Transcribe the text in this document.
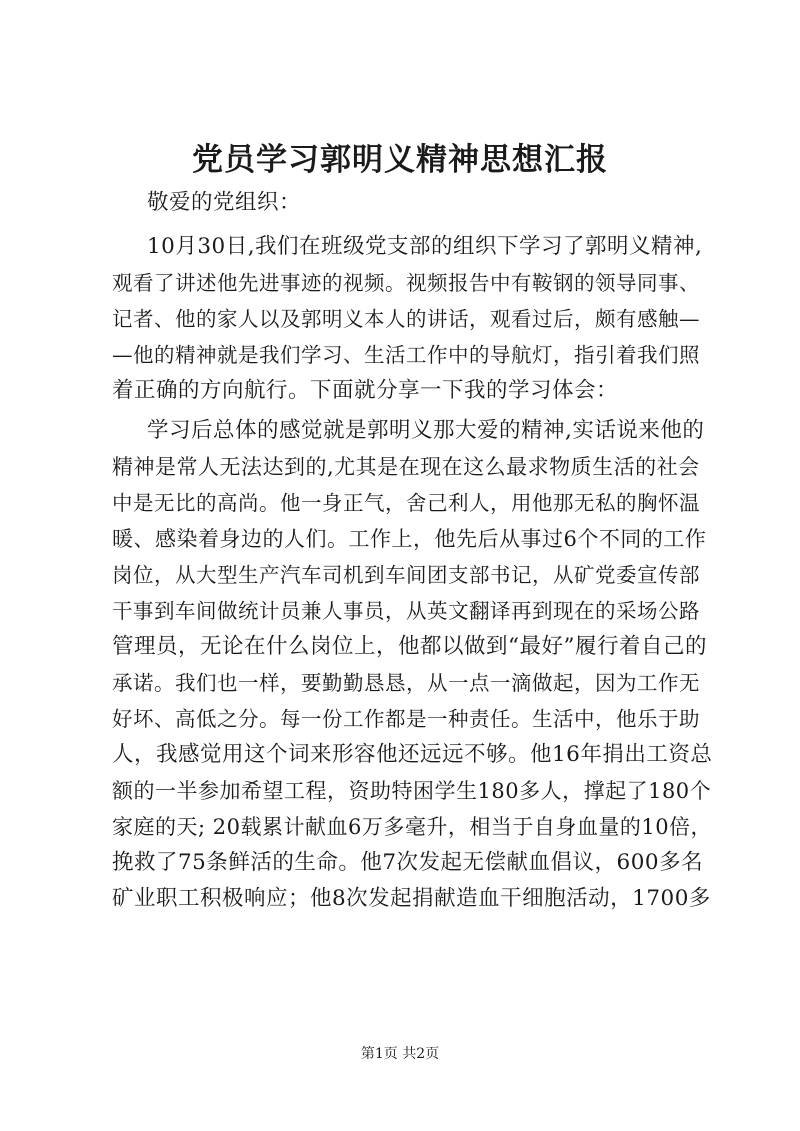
党员学习郭明义精神思想汇报
敬爱的党组织：
10月30日,我们在班级党支部的组织下学习了郭明义精神,
观看了讲述他先进事迹的视频。视频报告中有鞍钢的领导同事、
记者、他的家人以及郭明义本人的讲话，观看过后，颇有感触—
—他的精神就是我们学习、生活工作中的导航灯，指引着我们照
着正确的方向航行。下面就分享一下我的学习体会：
学习后总体的感觉就是郭明义那大爱的精神,实话说来他的
精神是常人无法达到的,尤其是在现在这么最求物质生活的社会
中是无比的高尚。他一身正气，舍己利人，用他那无私的胸怀温
暖、感染着身边的人们。工作上，他先后从事过6个不同的工作
岗位，从大型生产汽车司机到车间团支部书记，从矿党委宣传部
干事到车间做统计员兼人事员，从英文翻译再到现在的采场公路
管理员，无论在什么岗位上，他都以做到“最好”履行着自己的
承诺。我们也一样，要勤勤恳恳，从一点一滴做起，因为工作无
好坏、高低之分。每一份工作都是一种责任。生活中，他乐于助
人，我感觉用这个词来形容他还远远不够。他16年捐出工资总
额的一半参加希望工程，资助特困学生180多人，撑起了180个
家庭的天; 20载累计献血6万多毫升，相当于自身血量的10倍，
挽救了75条鲜活的生命。他7次发起无偿献血倡议，600多名
矿业职工积极响应；他8次发起捐献造血干细胞活动，1700多
第1页 共2页
